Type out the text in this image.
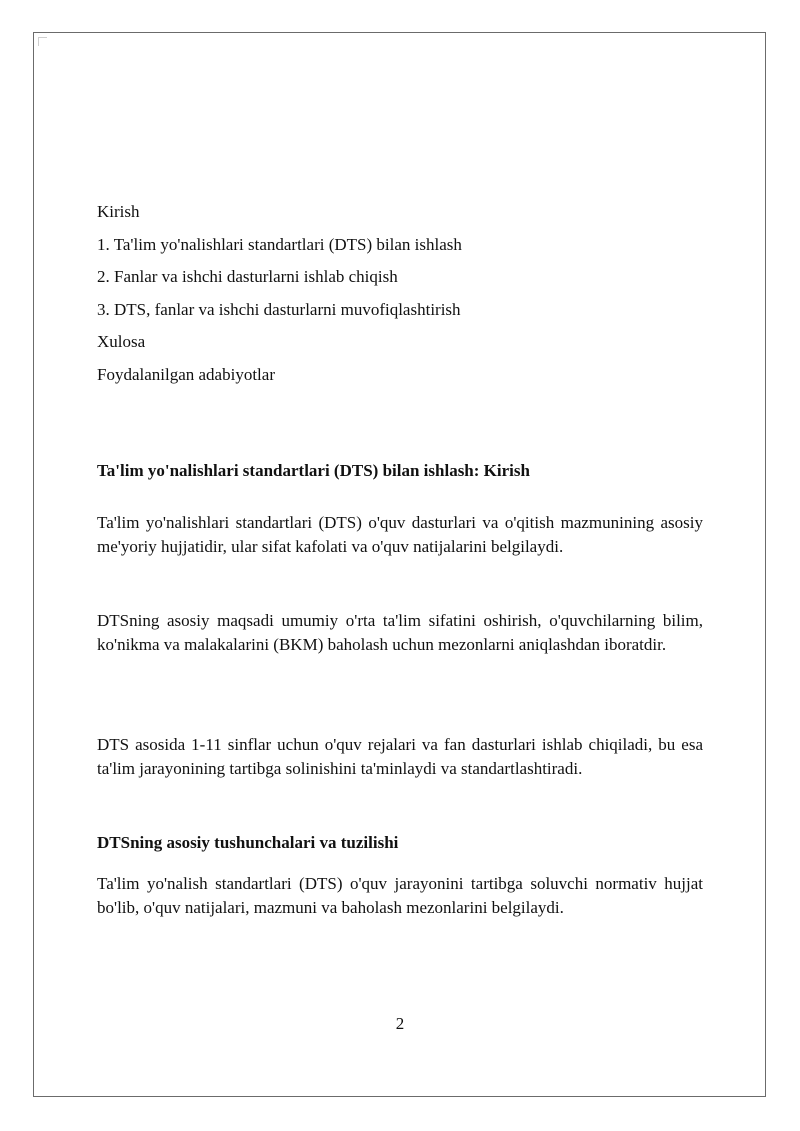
Kirish
1. Ta'lim yo'nalishlari standartlari (DTS) bilan ishlash
2. Fanlar va ishchi dasturlarni ishlab chiqish
3. DTS, fanlar va ishchi dasturlarni muvofiqlashtirish
Xulosa
Foydalanilgan adabiyotlar
Ta'lim yo'nalishlari standartlari (DTS) bilan ishlash: Kirish
Ta'lim yo'nalishlari standartlari (DTS) o'quv dasturlari va o'qitish mazmunining asosiy me'yoriy hujjatidir, ular sifat kafolati va o'quv natijalarini belgilaydi.
DTSning asosiy maqsadi umumiy o'rta ta'lim sifatini oshirish, o'quvchilarning bilim, ko'nikma va malakalarini (BKM) baholash uchun mezonlarni aniqlashdan iboratdir.
DTS asosida 1-11 sinflar uchun o'quv rejalari va fan dasturlari ishlab chiqiladi, bu esa ta'lim jarayonining tartibga solinishini ta'minlaydi va standartlashtiradi.
DTSning asosiy tushunchalari va tuzilishi
Ta'lim yo'nalish standartlari (DTS) o'quv jarayonini tartibga soluvchi normativ hujjat bo'lib, o'quv natijalari, mazmuni va baholash mezonlarini belgilaydi.
2
